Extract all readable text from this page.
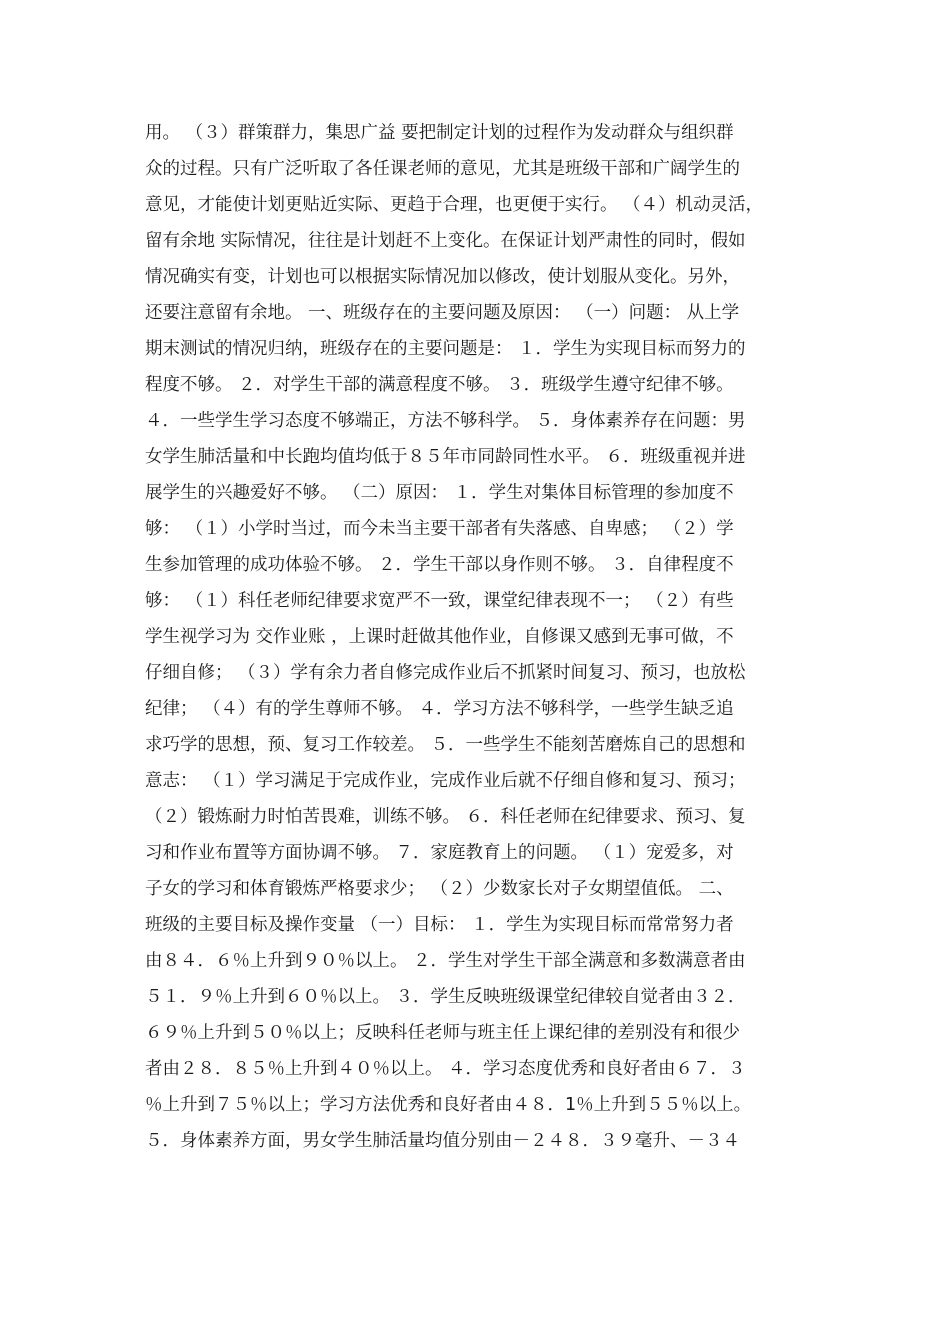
用。 （３）群策群力，集思广益 要把制定计划的过程作为发动群众与组织群
众的过程。只有广泛听取了各任课老师的意见，尤其是班级干部和广阔学生的
意见，才能使计划更贴近实际、更趋于合理，也更便于实行。 （４）机动灵活，
留有余地 实际情况，往往是计划赶不上变化。在保证计划严肃性的同时，假如
情况确实有变，计划也可以根据实际情况加以修改，使计划服从变化。另外，
还要注意留有余地。 一、班级存在的主要问题及原因： （一）问题： 从上学
期末测试的情况归纳，班级存在的主要问题是： １．学生为实现目标而努力的
程度不够。 ２．对学生干部的满意程度不够。 ３．班级学生遵守纪律不够。
４．一些学生学习态度不够端正，方法不够科学。 ５．身体素养存在问题：男
女学生肺活量和中长跑均值均低于８５年市同龄同性水平。 ６．班级重视并进
展学生的兴趣爱好不够。 （二）原因： １．学生对集体目标管理的参加度不
够： （１）小学时当过，而今未当主要干部者有失落感、自卑感； （２）学
生参加管理的成功体验不够。 ２．学生干部以身作则不够。 ３．自律程度不
够： （１）科任老师纪律要求宽严不一致，课堂纪律表现不一； （２）有些
学生视学习为 交作业账 ，上课时赶做其他作业，自修课又感到无事可做，不
仔细自修； （３）学有余力者自修完成作业后不抓紧时间复习、预习，也放松
纪律； （４）有的学生尊师不够。 ４．学习方法不够科学，一些学生缺乏追
求巧学的思想，预、复习工作较差。 ５．一些学生不能刻苦磨炼自己的思想和
意志： （１）学习满足于完成作业，完成作业后就不仔细自修和复习、预习；
（２）锻炼耐力时怕苦畏难，训练不够。 ６．科任老师在纪律要求、预习、复
习和作业布置等方面协调不够。 ７．家庭教育上的问题。 （１）宠爱多，对
子女的学习和体育锻炼严格要求少； （２）少数家长对子女期望值低。 二、
班级的主要目标及操作变量 （一）目标： １．学生为实现目标而常常努力者
由８４．６％上升到９０％以上。 ２．学生对学生干部全满意和多数满意者由
５１．９％上升到６０％以上。 ３．学生反映班级课堂纪律较自觉者由３２．
６９％上升到５０％以上；反映科任老师与班主任上课纪律的差别没有和很少
者由２８．８５％上升到４０％以上。 ４．学习态度优秀和良好者由６７．３
％上升到７５％以上；学习方法优秀和良好者由４８．1％上升到５５％以上。
５．身体素养方面，男女学生肺活量均值分别由－２４８．３９毫升、－３４
